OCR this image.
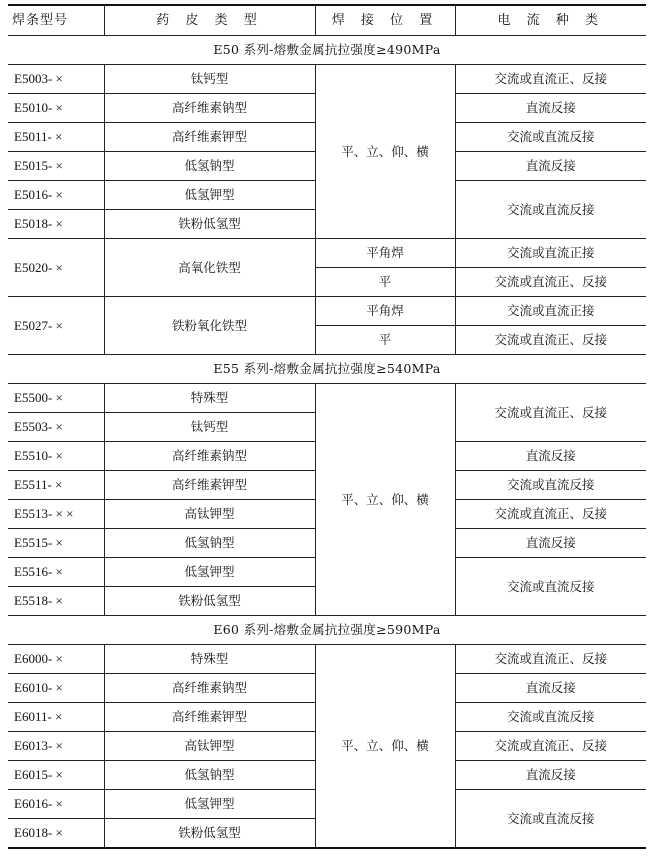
焊条型号	药 皮 类 型	焊 接 位 置	电 流 种 类
E50 系列-熔敷金属抗拉强度≥490MPa			
E5003- ×	钛钙型	平、立、仰、横	交流或直流正、反接
E5010- ×	高纤维素钠型		直流反接
E5011- ×	高纤维素钾型		交流或直流反接
E5015- ×	低氢钠型		直流反接
E5016- ×	低氢钾型		交流或直流反接
E5018- ×	铁粉低氢型		
E5020- ×	高氧化铁型	平角焊	交流或直流正接
		平	交流或直流正、反接
E5027- ×	铁粉氧化铁型	平角焊	交流或直流正接
		平	交流或直流正、反接
E55 系列-熔敷金属抗拉强度≥540MPa			
E5500- ×	特殊型	平、立、仰、横	交流或直流正、反接
E5503- ×	钛钙型		
E5510- ×	高纤维素钠型		直流反接
E5511- ×	高纤维素钾型		交流或直流反接
E5513- × ×	高钛钾型		交流或直流正、反接
E5515- ×	低氢钠型		直流反接
E5516- ×	低氢钾型		交流或直流反接
E5518- ×	铁粉低氢型		
E60 系列-熔敷金属抗拉强度≥590MPa			
E6000- ×	特殊型	平、立、仰、横	交流或直流正、反接
E6010- ×	高纤维素钠型		直流反接
E6011- ×	高纤维素钾型		交流或直流反接
E6013- ×	高钛钾型		交流或直流正、反接
E6015- ×	低氢钠型		直流反接
E6016- ×	低氢钾型		交流或直流反接
E6018- ×	铁粉低氢型		
